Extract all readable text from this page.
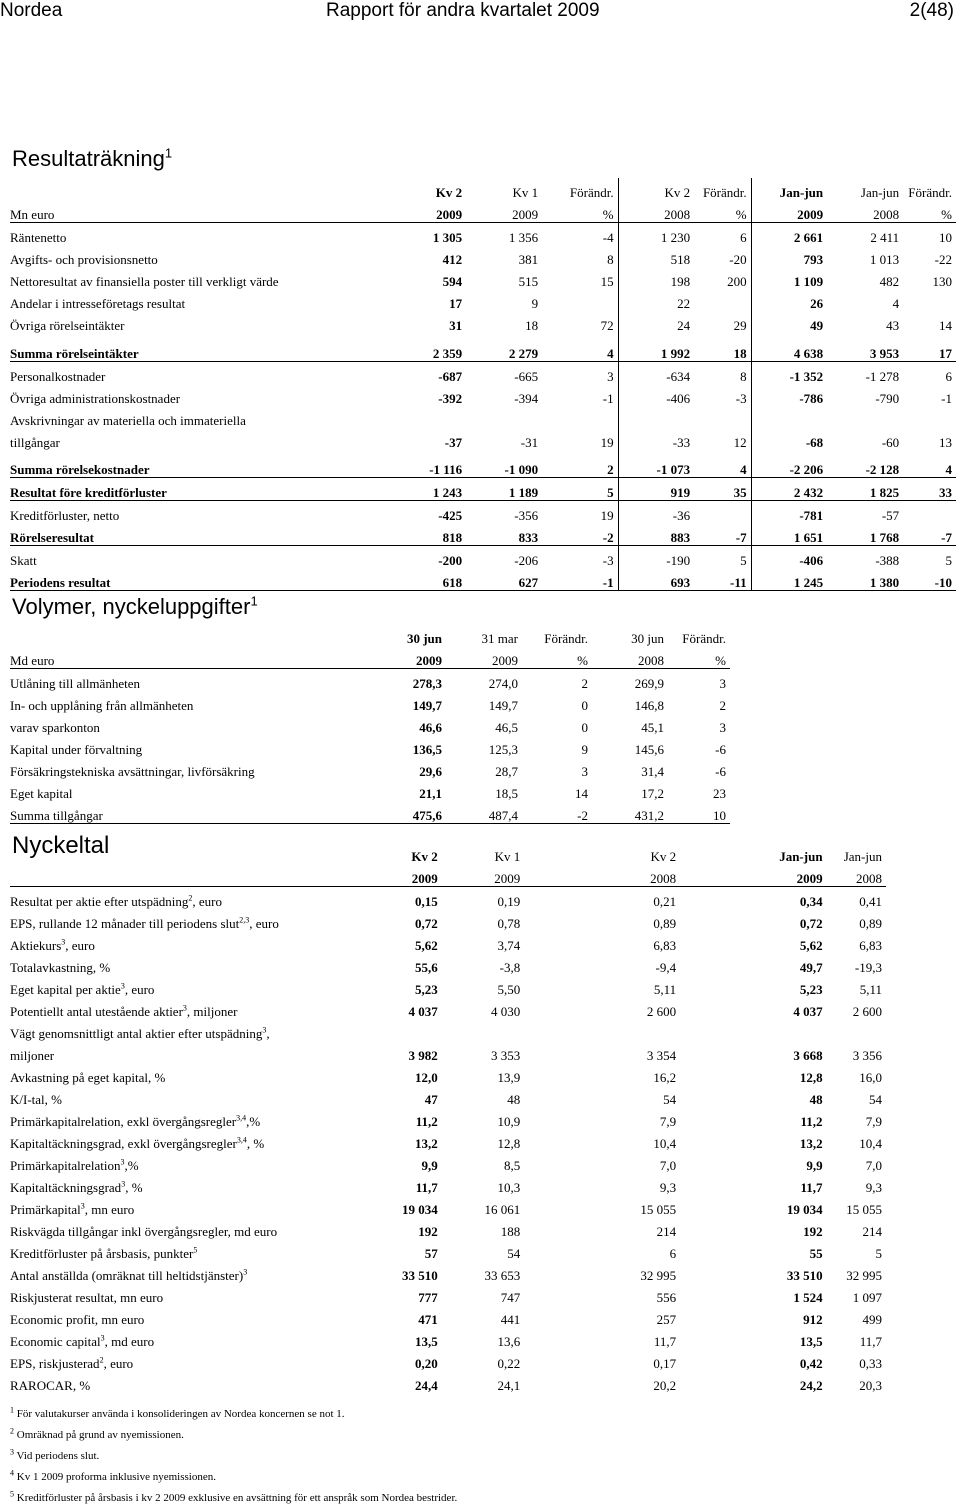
Nordea	Rapport för andra kvartalet 2009	2(48)
Resultaträkning$^1$
	Kv 2	Kv 1	Förändr.	Kv 2	Förändr.	Jan-jun	Jan-jun	Förändr.
Mn euro	2009	2009	%	2008	%	2009	2008	%
Räntenetto	1 305	1 356	-4	1 230	6	2 661	2 411	10
Avgifts- och provisionsnetto	412	381	8	518	-20	793	1 013	-22
Nettoresultat av finansiella poster till verkligt värde	594	515	15	198	200	1 109	482	130
Andelar i intresseföretags resultat	17	9		22		26	4	
Övriga rörelseintäkter	31	18	72	24	29	49	43	14
Summa rörelseintäkter	2 359	2 279	4	1 992	18	4 638	3 953	17
Personalkostnader	-687	-665	3	-634	8	-1 352	-1 278	6
Övriga administrationskostnader	-392	-394	-1	-406	-3	-786	-790	-1
Avskrivningar av materiella och immateriella								
tillgångar	-37	-31	19	-33	12	-68	-60	13
Summa rörelsekostnader	-1 116	-1 090	2	-1 073	4	-2 206	-2 128	4
Resultat före kreditförluster	1 243	1 189	5	919	35	2 432	1 825	33
Kreditförluster, netto	-425	-356	19	-36		-781	-57	
Rörelseresultat	818	833	-2	883	-7	1 651	1 768	-7
Skatt	-200	-206	-3	-190	5	-406	-388	5
Periodens resultat	618	627	-1	693	-11	1 245	1 380	-10
Volymer, nyckeluppgifter$^1$
	30 jun	31 mar	Förändr.	30 jun	Förändr.
Md euro	2009	2009	%	2008	%
Utlåning till allmänheten	278,3	274,0	2	269,9	3
In- och upplåning från allmänheten	149,7	149,7	0	146,8	2
varav sparkonton	46,6	46,5	0	45,1	3
Kapital under förvaltning	136,5	125,3	9	145,6	-6
Försäkringstekniska avsättningar, livförsäkring	29,6	28,7	3	31,4	-6
Eget kapital	21,1	18,5	14	17,2	23
Summa tillgångar	475,6	487,4	-2	431,2	10
Nyckeltal
		Kv 2	Kv 1	Kv 2	Jan-jun	Jan-jun
	2009	2009	2008	2009	2008
Resultat per aktie efter utspädning$^2$, euro	0,15	0,19	0,21	0,34	0,41
EPS, rullande 12 månader till periodens slut$^{2,3}$, euro	0,72	0,78	0,89	0,72	0,89
Aktiekurs$^3$, euro	5,62	3,74	6,83	5,62	6,83
Totalavkastning, %	55,6	-3,8	-9,4	49,7	-19,3
Eget kapital per aktie$^3$, euro	5,23	5,50	5,11	5,23	5,11
Potentiellt antal utestående aktier$^3$, miljoner	4 037	4 030	2 600	4 037	2 600
Vägt genomsnittligt antal aktier efter utspädning$^3$,					
miljoner	3 982	3 353	3 354	3 668	3 356
Avkastning på eget kapital, %	12,0	13,9	16,2	12,8	16,0
K/I-tal, %	47	48	54	48	54
Primärkapitalrelation, exkl övergångsregler$^{3,4}$,%	11,2	10,9	7,9	11,2	7,9
Kapitaltäckningsgrad, exkl övergångsregler$^{3,4}$, %	13,2	12,8	10,4	13,2	10,4
Primärkapitalrelation$^3$,%	9,9	8,5	7,0	9,9	7,0
Kapitaltäckningsgrad$^3$, %	11,7	10,3	9,3	11,7	9,3
Primärkapital$^3$, mn euro	19 034	16 061	15 055	19 034	15 055
Riskvägda tillgångar inkl övergångsregler, md euro	192	188	214	192	214
Kreditförluster på årsbasis, punkter$^5$	57	54	6	55	5
Antal anställda (omräknat till heltidstjänster)$^3$	33 510	33 653	32 995	33 510	32 995
Riskjusterat resultat, mn euro	777	747	556	1 524	1 097
Economic profit, mn euro	471	441	257	912	499
Economic capital$^3$, md euro	13,5	13,6	11,7	13,5	11,7
EPS, riskjusterad$^2$, euro	0,20	0,22	0,17	0,42	0,33
RAROCAR, %	24,4	24,1	20,2	24,2	20,3
$^1$ För valutakurser använda i konsolideringen av Nordea koncernen se not 1.
$^2$ Omräknad på grund av nyemissionen.
$^3$ Vid periodens slut.
$^4$ Kv 1 2009 proforma inklusive nyemissionen.
$^5$ Kreditförluster på årsbasis i kv 2 2009 exklusive en avsättning för ett anspråk som Nordea bestrider.
